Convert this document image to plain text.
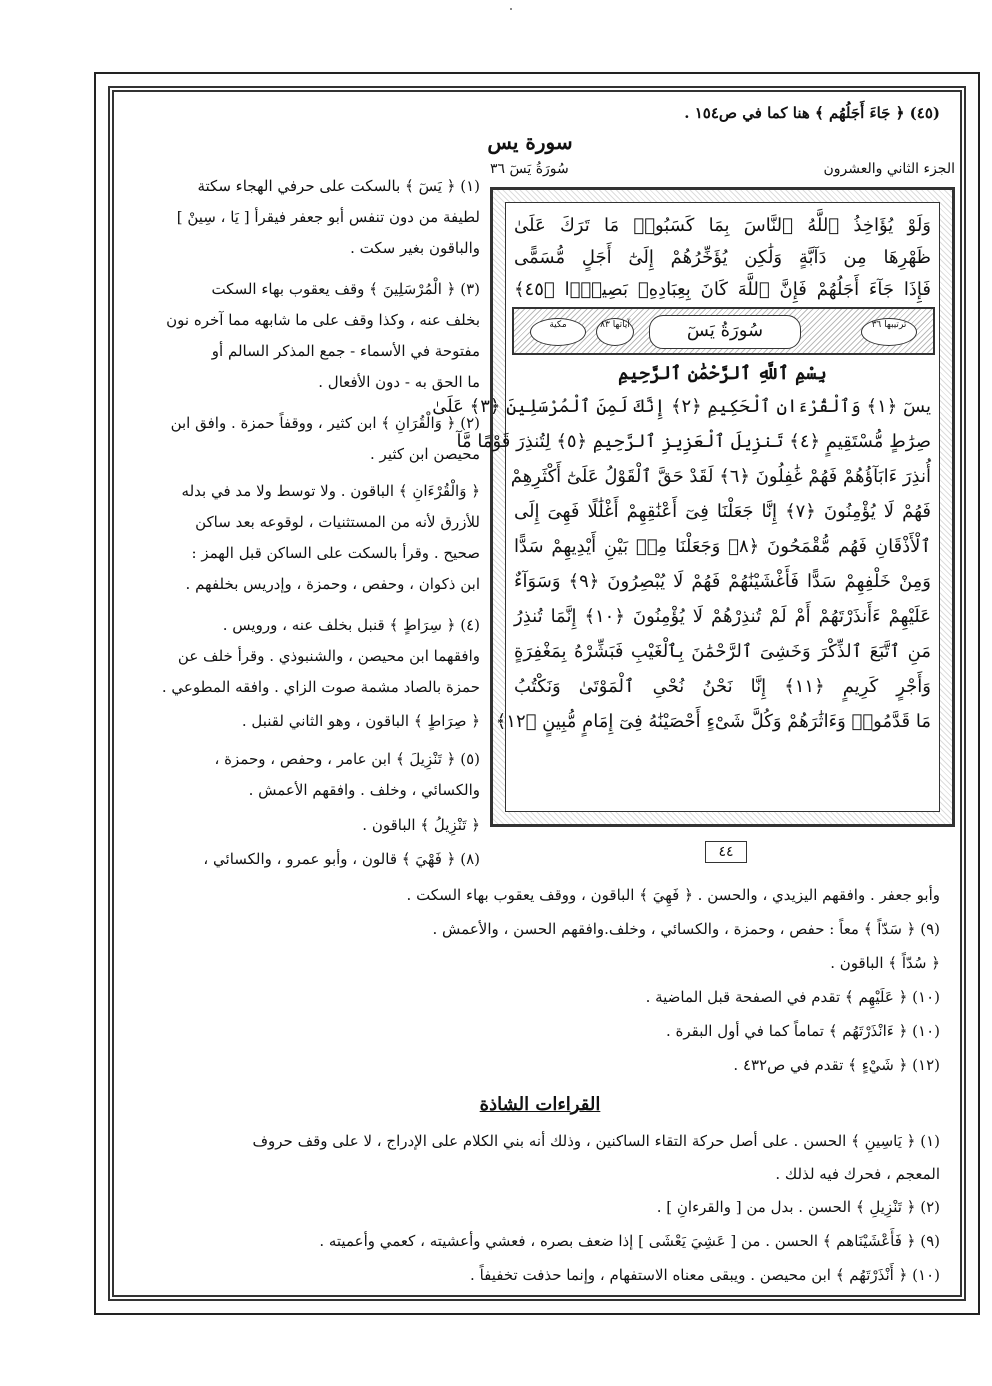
(٤٥) ﴿ جَاءَ أَجَلُهُم ﴾ هنا كما في ص١٥٤ .
سورة يس
الجزء الثاني والعشرون
سُورَةُ يَسٓ ٣٦
وَلَوْ يُؤَاخِذُ ٱللَّهُ ٱلنَّاسَ بِمَا كَسَبُوا۟ مَا تَرَكَ عَلَىٰ
ظَهْرِهَا مِن دَآبَّةٍ وَلَٰكِن يُؤَخِّرُهُمْ إِلَىٰٓ أَجَلٍ مُّسَمًّى
فَإِذَا جَآءَ أَجَلُهُمْ فَإِنَّ ٱللَّهَ كَانَ بِعِبَادِهِۦ بَصِيرًۢا ﴿٤٥﴾
ترتيبها ٣٦
سُورَةُ يَسٓ
آياتها ٨٣
مكية
بِسْمِ ٱللَّهِ ٱلرَّحْمَٰنِ ٱلرَّحِيمِ
يسٓ ﴿١﴾ وَٱلْقُرْءَانِ ٱلْحَكِيمِ ﴿٢﴾ إِنَّكَ لَمِنَ ٱلْمُرْسَلِينَ ﴿٣﴾ عَلَىٰ
صِرَٰطٍ مُّسْتَقِيمٍ ﴿٤﴾ تَنزِيلَ ٱلْعَزِيزِ ٱلرَّحِيمِ ﴿٥﴾ لِتُنذِرَ قَوْمًا مَّآ
أُنذِرَ ءَابَآؤُهُمْ فَهُمْ غَٰفِلُونَ ﴿٦﴾ لَقَدْ حَقَّ ٱلْقَوْلُ عَلَىٰٓ أَكْثَرِهِمْ
فَهُمْ لَا يُؤْمِنُونَ ﴿٧﴾ إِنَّا جَعَلْنَا فِىٓ أَعْنَٰقِهِمْ أَغْلَٰلًا فَهِىَ إِلَى
ٱلْأَذْقَانِ فَهُم مُّقْمَحُونَ ﴿٨﴾ وَجَعَلْنَا مِنۢ بَيْنِ أَيْدِيهِمْ سَدًّا
وَمِنْ خَلْفِهِمْ سَدًّا فَأَغْشَيْنَٰهُمْ فَهُمْ لَا يُبْصِرُونَ ﴿٩﴾ وَسَوَآءٌ
عَلَيْهِمْ ءَأَنذَرْتَهُمْ أَمْ لَمْ تُنذِرْهُمْ لَا يُؤْمِنُونَ ﴿١٠﴾ إِنَّمَا تُنذِرُ
مَنِ ٱتَّبَعَ ٱلذِّكْرَ وَخَشِىَ ٱلرَّحْمَٰنَ بِٱلْغَيْبِ فَبَشِّرْهُ بِمَغْفِرَةٍ
وَأَجْرٍ كَرِيمٍ ﴿١١﴾ إِنَّا نَحْنُ نُحْىِ ٱلْمَوْتَىٰ وَنَكْتُبُ
مَا قَدَّمُوا۟ وَءَاثَٰرَهُمْ وَكُلَّ شَىْءٍ أَحْصَيْنَٰهُ فِىٓ إِمَامٍ مُّبِينٍ ﴿١٢﴾
٤٤
(١) ﴿ يَسٓ ﴾ بالسكت على حرفي الهجاء سكتة
لطيفة من دون تنفس أبو جعفر فيقرأ [ يَا ، سِينْ ]
والباقون بغير سكت .
(٣) ﴿ الْمُرْسَلِينَ ﴾ وقف يعقوب بهاء السكت
بخلف عنه ، وكذا وقف على ما شابهه مما آخره نون
مفتوحة في الأسماء - جمع المذكر السالم أو
ما الحق به - دون الأفعال .
(٢) ﴿ وَالْقُرَانِ ﴾ ابن كثير ، ووقفاً حمزة . وافق ابن
محيصن ابن كثير .
﴿ وَالْقُرْءَانِ ﴾ الباقون . ولا توسط ولا مد في بدله
للأزرق لأنه من المستثنيات ، لوقوعه بعد ساكن
صحيح . وقرأ بالسكت على الساكن قبل الهمز :
ابن ذكوان ، وحفص ، وحمزة ، وإدريس بخلفهم .
(٤) ﴿ سِرَاطٍ ﴾ قنبل بخلف عنه ، ورويس .
وافقهما ابن محيصن ، والشنبوذي . وقرأ خلف عن
حمزة بالصاد مشمة صوت الزاي . وافقه المطوعي .
﴿ صِرَاطٍ ﴾ الباقون ، وهو الثاني لقنبل .
(٥) ﴿ تَنْزِيلَ ﴾ ابن عامر ، وحفص ، وحمزة ،
والكسائي ، وخلف . وافقهم الأعمش .
﴿ تَنْزِيلُ ﴾ الباقون .
(٨) ﴿ فَهْيَ ﴾ قالون ، وأبو عمرو ، والكسائي ،
وأبو جعفر . وافقهم اليزيدي ، والحسن . ﴿ فَهِيَ ﴾ الباقون ، ووقف يعقوب بهاء السكت .
(٩) ﴿ سَدّاً ﴾ معاً : حفص ، وحمزة ، والكسائي ، وخلف.وافقهم الحسن ، والأعمش .
﴿ سُدّاً ﴾ الباقون .
(١٠) ﴿ عَلَيْهِم ﴾ تقدم في الصفحة قبل الماضية .
(١٠) ﴿ ءَانْذَرْتَهُم ﴾ تماماً كما في أول البقرة .
(١٢) ﴿ شَيْءٍ ﴾ تقدم في ص٤٣٢ .
القراءات الشاذة
(١) ﴿ يَاسِينِ ﴾ الحسن . على أصل حركة التقاء الساكنين ، وذلك أنه بني الكلام على الإدراج ، لا على وقف حروف
المعجم ، فحرك فيه لذلك .
(٢) ﴿ تَنْزِيلِ ﴾ الحسن . بدل من [ والقرءانِ ] .
(٩) ﴿ فَأَعْشَيْنَاهم ﴾ الحسن . من [ عَشِيَ يَعْشَى ] إذا ضعف بصره ، فعشي وأعشيته ، كعمي وأعميته .
(١٠) ﴿ أَنْذَرْتَهُم ﴾ ابن محيصن . ويبقى معناه الاستفهام ، وإنما حذفت تخفيفاً .
